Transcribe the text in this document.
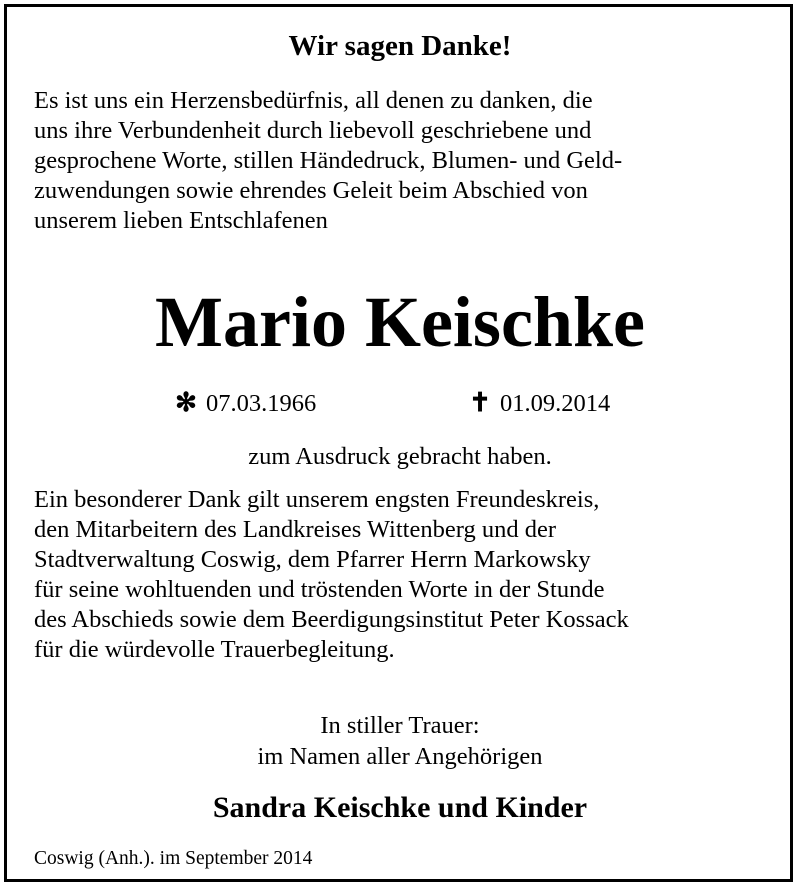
Wir sagen Danke!
Es ist uns ein Herzensbedürfnis, all denen zu danken, die
uns ihre Verbundenheit durch liebevoll geschriebene und
gesprochene Worte, stillen Händedruck, Blumen- und Geld-
zuwendungen sowie ehrendes Geleit beim Abschied von
unserem lieben Entschlafenen
Mario Keischke
✻ 07.03.1966	✝ 01.09.2014
zum Ausdruck gebracht haben.
Ein besonderer Dank gilt unserem engsten Freundeskreis,
den Mitarbeitern des Landkreises Wittenberg und der
Stadtverwaltung Coswig, dem Pfarrer Herrn Markowsky
für seine wohltuenden und tröstenden Worte in der Stunde
des Abschieds sowie dem Beerdigungsinstitut Peter Kossack
für die würdevolle Trauerbegleitung.
In stiller Trauer:
im Namen aller Angehörigen
Sandra Keischke und Kinder
Coswig (Anh.). im September 2014
